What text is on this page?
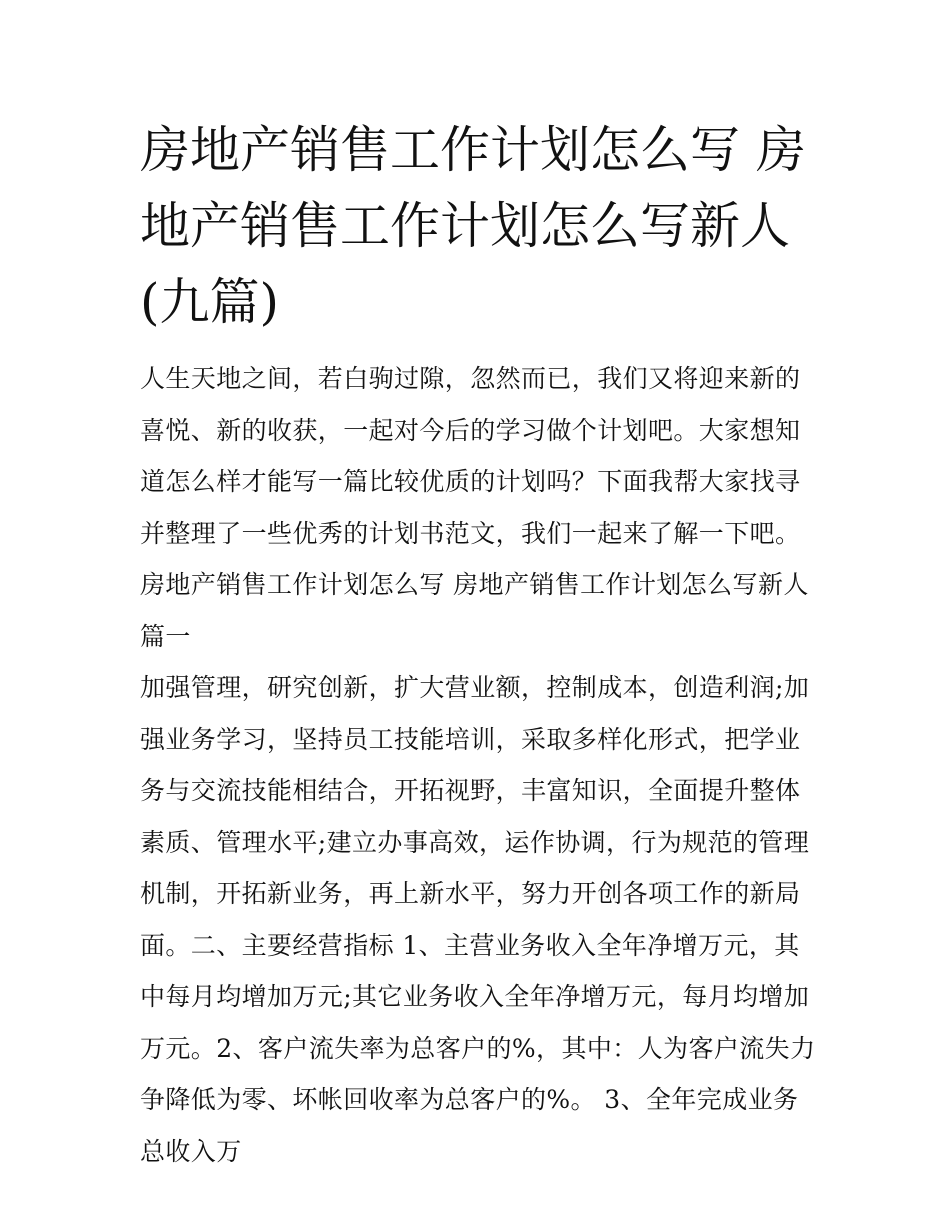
房地产销售工作计划怎么写 房地产销售工作计划怎么写新人(九篇)

人生天地之间，若白驹过隙，忽然而已，我们又将迎来新的喜悦、新的收获，一起对今后的学习做个计划吧。大家想知道怎么样才能写一篇比较优质的计划吗？下面我帮大家找寻并整理了一些优秀的计划书范文，我们一起来了解一下吧。

房地产销售工作计划怎么写 房地产销售工作计划怎么写新人篇一

加强管理，研究创新，扩大营业额，控制成本，创造利润;加强业务学习，坚持员工技能培训，采取多样化形式，把学业务与交流技能相结合，开拓视野，丰富知识，全面提升整体素质、管理水平;建立办事高效，运作协调，行为规范的管理机制，开拓新业务，再上新水平，努力开创各项工作的新局面。二、主要经营指标 1、主营业务收入全年净增万元，其中每月均增加万元;其它业务收入全年净增万元，每月均增加万元。2、客户流失率为总客户的%，其中：人为客户流失力争降低为零、坏帐回收率为总客户的%。 3、全年完成业务总收入万
